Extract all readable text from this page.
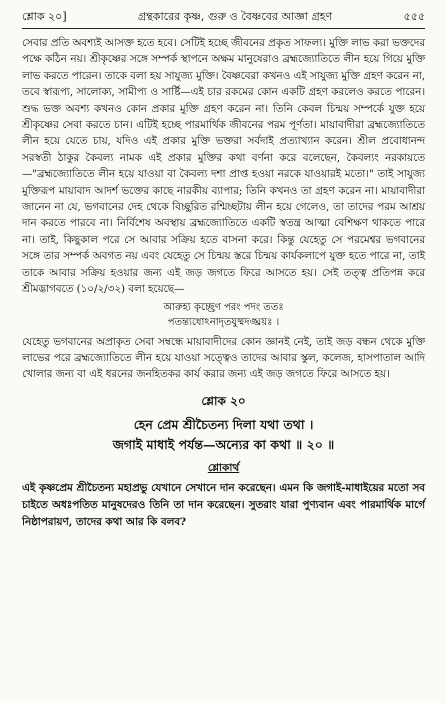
শ্লোক ২০]	গ্রন্থকারের কৃষ্ণ, গুরু ও বৈষ্ণবের আজ্ঞা গ্রহণ	৫৫৫

সেবার প্রতি অবশ্যই আসক্ত হতে হবে। সেটিই হচ্ছে জীবনের প্রকৃত সাফল্য। মুক্তি লাভ করা ভক্তদের পক্ষে কঠিন নয়। শ্রীকৃষ্ণের সঙ্গে সম্পর্ক স্থাপনে অক্ষম মানুষেরাও ব্রহ্মজ্যোতিতে লীন হয়ে গিয়ে মুক্তি লাভ করতে পারেন। তাকে বলা হয় সাযুজ্য মুক্তি। বৈষ্ণবেরা কখনও এই সাযুজ্য মুক্তি গ্রহণ করেন না, তবে স্বারূপ্য, সালোক্য, সামীপ্য ও সার্ষ্টি—এই চার রকমের কোন একটি গ্রহণ করলেও করতে পারেন। শুদ্ধ ভক্ত অবশ্য কখনও কোন প্রকার মুক্তি গ্রহণ করেন না। তিনি কেবল চিন্ময় সম্পর্কে যুক্ত হয়ে শ্রীকৃষ্ণের সেবা করতে চান। এটিই হচ্ছে পারমার্থিক জীবনের পরম পূর্ণতা। মায়াবাদীরা ব্রহ্মজ্যোতিতে লীন হয়ে যেতে চায়, যদিও এই প্রকার মুক্তি ভক্তরা সর্বদাই প্রত্যাখ্যান করেন। শ্রীল প্রবোধানন্দ সরস্বতী ঠাকুর কৈবল্য নামক এই প্রকার মুক্তির কথা বর্ণনা করে বলেছেন, কৈবল্যং নরকায়তে—"ব্রহ্মজ্যোতিতে লীন হয়ে যাওয়া বা কৈবল্য দশা প্রাপ্ত হওয়া নরকে যাওয়ারই মতো।" তাই সাযুজ্য মুক্তিরূপ মায়াবাদ আদর্শ ভক্তের কাছে নারকীয় ব্যাপার; তিনি কখনও তা গ্রহণ করেন না। মায়াবাদীরা জানেন না যে, ভগবানের দেহ থেকে বিচ্ছুরিত রশ্মিচ্ছটায় লীন হয়ে গেলেও, তা তাদের পরম আশ্রয় দান করতে পারবে না। নির্বিশেষ অবস্থায় ব্রহ্মজ্যোতিতে একটি স্বতন্ত্র আত্মা বেশিক্ষণ থাকতে পারে না। তাই, কিছুকাল পরে সে আবার সক্রিয় হতে বাসনা করে। কিন্তু যেহেতু সে পরমেশ্বর ভগবানের সঙ্গে তার সম্পর্ক অবগত নয় এবং যেহেতু সে চিন্ময় স্তরে চিন্ময় কার্যকলাপে যুক্ত হতে পারে না, তাই তাকে আবার সক্রিয় হওয়ার জন্য এই জড় জগতে ফিরে আসতে হয়। সেই তত্ত্ব প্রতিপন্ন করে শ্রীমদ্ভাগবতে (১০/২/৩২) বলা হয়েছে—

আরুহ্য কৃচ্ছ্রেণ পরং পদং ততঃ
পতন্ত্যধোঽনাদৃতযুষ্মদঙ্ঘ্রয়ঃ ।

যেহেতু ভগবানের অপ্রাকৃত সেবা সম্বন্ধে মায়াবাদীদের কোন জ্ঞানই নেই, তাই জড় বন্ধন থেকে মুক্তি লাভের পরে ব্রহ্মজ্যোতিতে লীন হয়ে যাওয়া সত্ত্বেও তাদের আবার স্কুল, কলেজ, হাসপাতাল আদি খোলার জন্য বা এই ধরনের জনহিতকর কার্য করার জন্য এই জড় জগতে ফিরে আসতে হয়।

শ্লোক ২০

হেন প্রেম শ্রীচৈতন্য দিলা যথা তথা ।

জগাই মাধাই পর্যন্ত—অন্যের কা কথা ॥ ২০ ॥

শ্লোকার্থ

এই কৃষ্ণপ্রেম শ্রীচৈতন্য মহাপ্রভু যেখানে সেখানে দান করেছেন। এমন কি জগাই-মাধাইয়ের মতো সব চাইতে অধঃপতিত মানুষদেরও তিনি তা দান করেছেন। সুতরাং যারা পুণ্যবান এবং পারমার্থিক মার্গে নিষ্ঠাপরায়ণ, তাদের কথা আর কি বলব?
